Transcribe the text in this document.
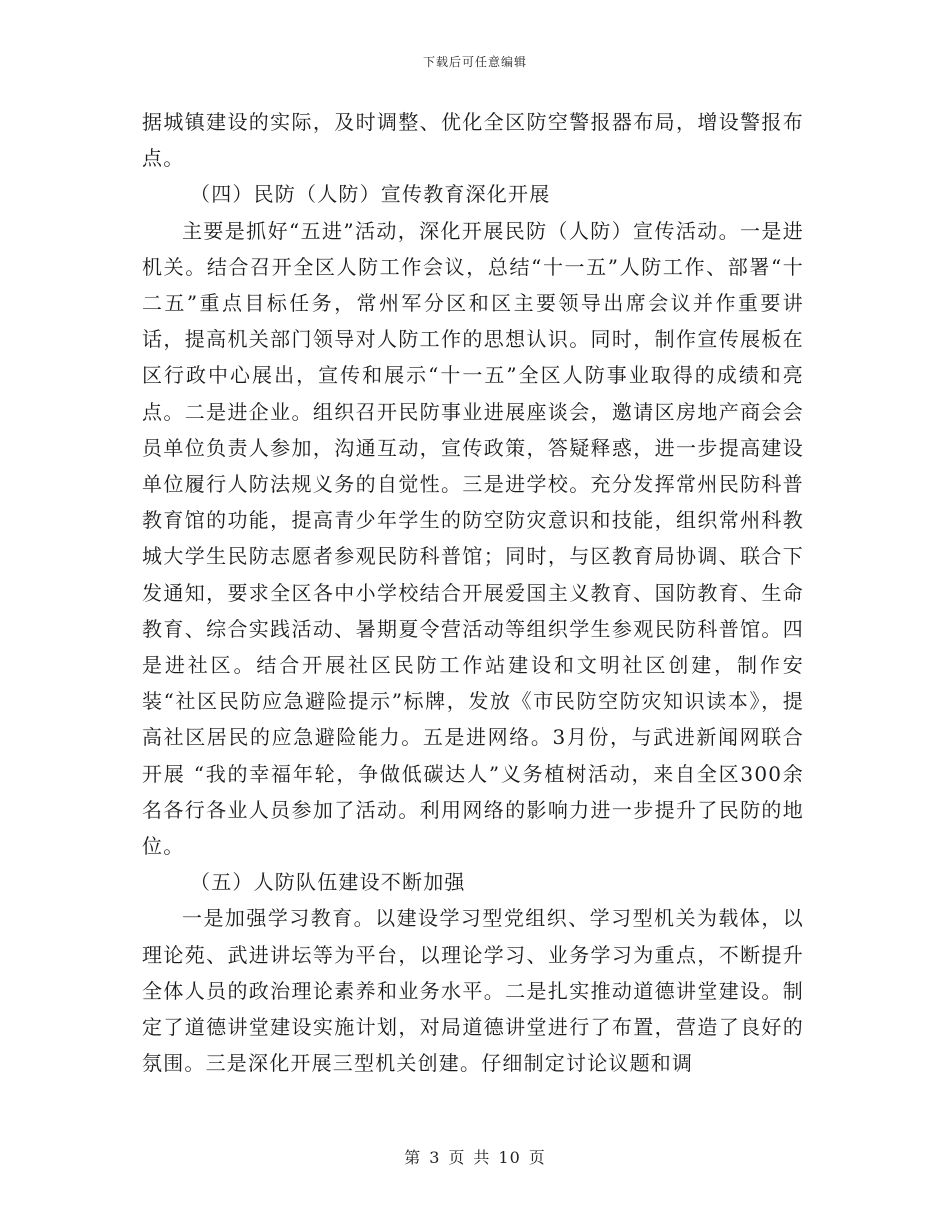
下载后可任意编辑

据城镇建设的实际，及时调整、优化全区防空警报器布局，增设警报布点。

（四）民防（人防）宣传教育深化开展

主要是抓好“五进”活动，深化开展民防（人防）宣传活动。一是进机关。结合召开全区人防工作会议，总结“十一五”人防工作、部署“十二五”重点目标任务，常州军分区和区主要领导出席会议并作重要讲话，提高机关部门领导对人防工作的思想认识。同时，制作宣传展板在区行政中心展出，宣传和展示“十一五”全区人防事业取得的成绩和亮点。二是进企业。组织召开民防事业进展座谈会，邀请区房地产商会会员单位负责人参加，沟通互动，宣传政策，答疑释惑，进一步提高建设单位履行人防法规义务的自觉性。三是进学校。充分发挥常州民防科普教育馆的功能，提高青少年学生的防空防灾意识和技能，组织常州科教城大学生民防志愿者参观民防科普馆；同时，与区教育局协调、联合下发通知，要求全区各中小学校结合开展爱国主义教育、国防教育、生命教育、综合实践活动、暑期夏令营活动等组织学生参观民防科普馆。四是进社区。结合开展社区民防工作站建设和文明社区创建，制作安装“社区民防应急避险提示”标牌，发放《市民防空防灾知识读本》，提高社区居民的应急避险能力。五是进网络。3月份，与武进新闻网联合开展 “我的幸福年轮，争做低碳达人”义务植树活动，来自全区300余名各行各业人员参加了活动。利用网络的影响力进一步提升了民防的地位。

（五）人防队伍建设不断加强

一是加强学习教育。以建设学习型党组织、学习型机关为载体，以理论苑、武进讲坛等为平台，以理论学习、业务学习为重点，不断提升全体人员的政治理论素养和业务水平。二是扎实推动道德讲堂建设。制定了道德讲堂建设实施计划，对局道德讲堂进行了布置，营造了良好的氛围。三是深化开展三型机关创建。仔细制定讨论议题和调

第 3 页 共 10 页
